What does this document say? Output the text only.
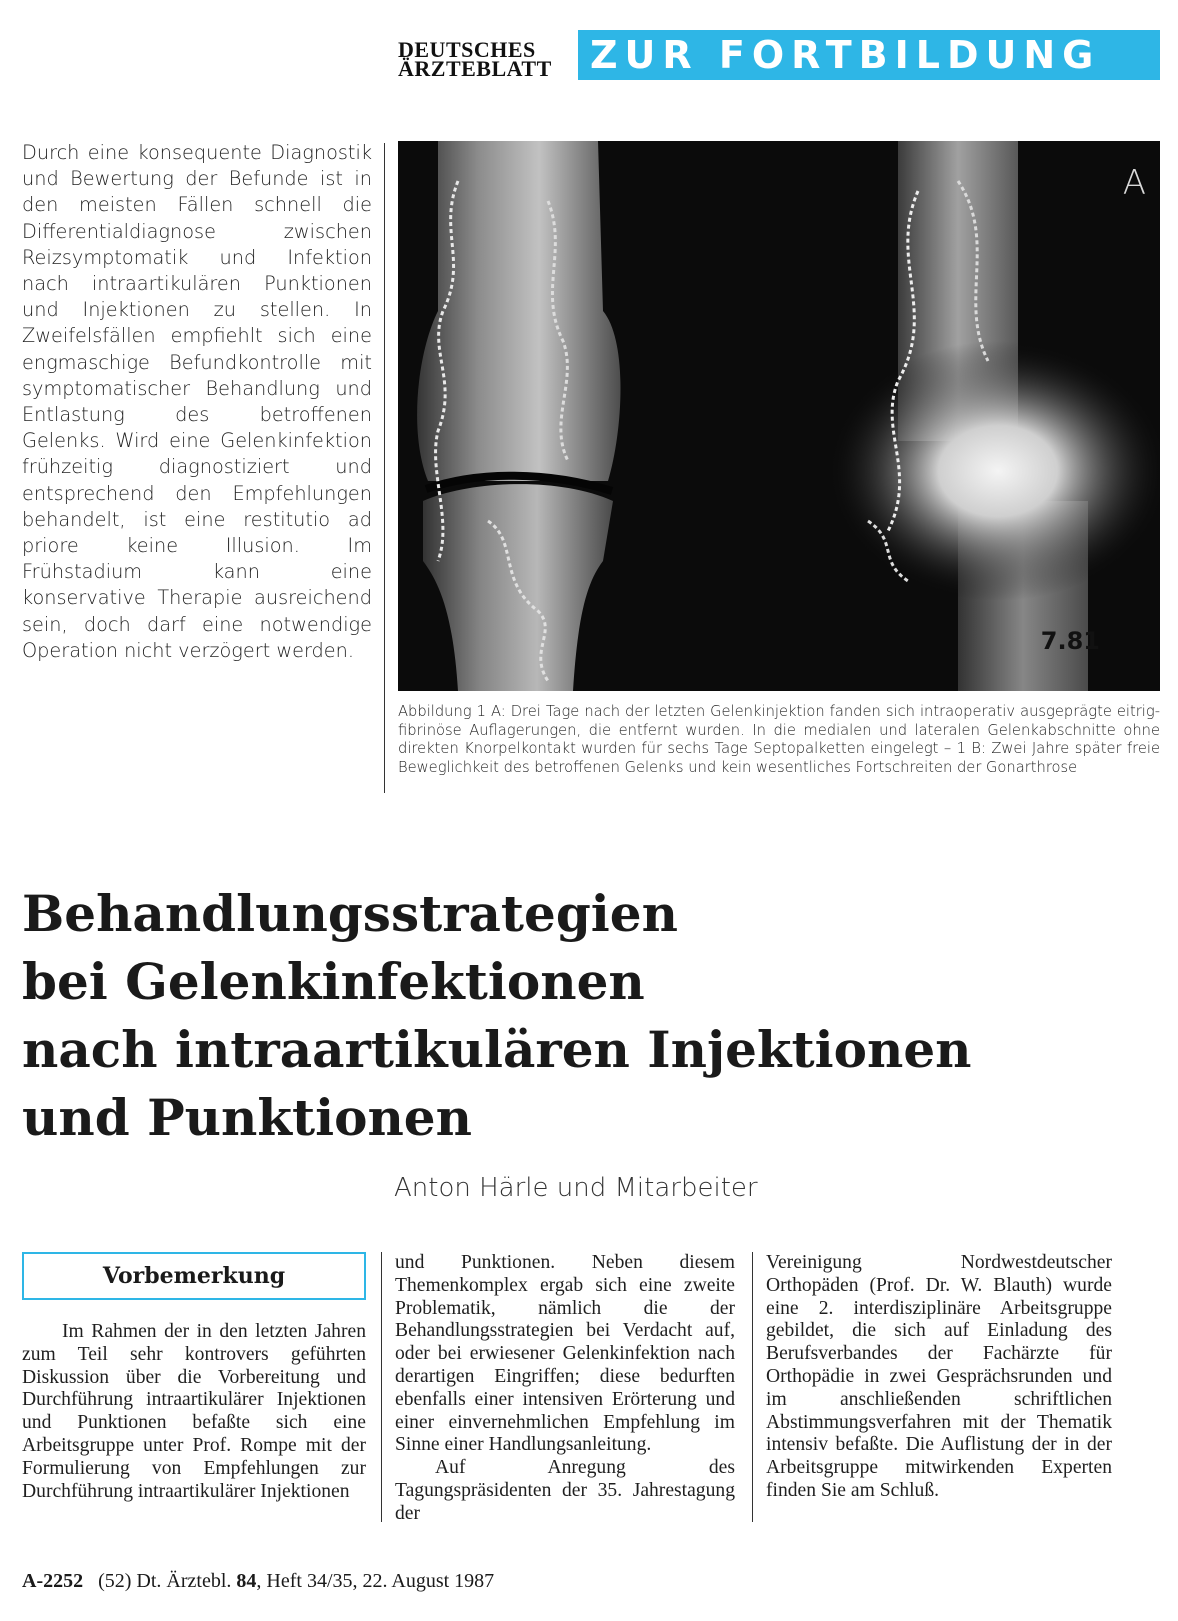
DEUTSCHES
ÄRZTEBLATT	ZUR FORTBILDUNG
Durch eine konsequente Diagnostik und Bewertung der Befunde ist in den meisten Fällen schnell die Differentialdiagnose zwischen Reizsymptomatik und Infektion nach intraartikulären Punktionen und Injektionen zu stellen. In Zweifelsfällen empfiehlt sich eine engmaschige Befundkontrolle mit symptomatischer Behandlung und Entlastung des betroffenen Gelenks. Wird eine Gelenkinfektion frühzeitig diagnostiziert und entsprechend den Empfehlungen behandelt, ist eine restitutio ad priore keine Illusion. Im Frühstadium kann eine konservative Therapie ausreichend sein, doch darf eine notwendige Operation nicht verzögert werden.
A
7.81
Abbildung 1 A: Drei Tage nach der letzten Gelenkinjektion fanden sich intraoperativ ausgeprägte eitrig-fibrinöse Auflagerungen, die entfernt wurden. In die medialen und lateralen Gelenkabschnitte ohne direkten Knorpelkontakt wurden für sechs Tage Septopalketten eingelegt – 1 B: Zwei Jahre später freie Beweglichkeit des betroffenen Gelenks und kein wesentliches Fortschreiten der Gonarthrose
Behandlungsstrategien
bei Gelenkinfektionen
nach intraartikulären Injektionen
und Punktionen
Anton Härle und Mitarbeiter
Vorbemerkung
Im Rahmen der in den letzten Jahren zum Teil sehr kontrovers geführten Diskussion über die Vorbereitung und Durchführung intraartikulärer Injektionen und Punktionen befaßte sich eine Arbeitsgruppe unter Prof. Rompe mit der Formulierung von Empfehlungen zur Durchführung intraartikulärer Injektionen

und Punktionen. Neben diesem Themenkomplex ergab sich eine zweite Problematik, nämlich die der Behandlungsstrategien bei Verdacht auf, oder bei erwiesener Gelenkinfektion nach derartigen Eingriffen; diese bedurften ebenfalls einer intensiven Erörterung und einer einvernehmlichen Empfehlung im Sinne einer Handlungsanleitung.

Auf Anregung des Tagungspräsidenten der 35. Jahrestagung der

Vereinigung Nordwestdeutscher Orthopäden (Prof. Dr. W. Blauth) wurde eine 2. interdisziplinäre Arbeitsgruppe gebildet, die sich auf Einladung des Berufsverbandes der Fachärzte für Orthopädie in zwei Gesprächsrunden und im anschließenden schriftlichen Abstimmungsverfahren mit der Thematik intensiv befaßte. Die Auflistung der in der Arbeitsgruppe mitwirkenden Experten finden Sie am Schluß.
A-2252 (52) Dt. Ärztebl. 84, Heft 34/35, 22. August 1987
